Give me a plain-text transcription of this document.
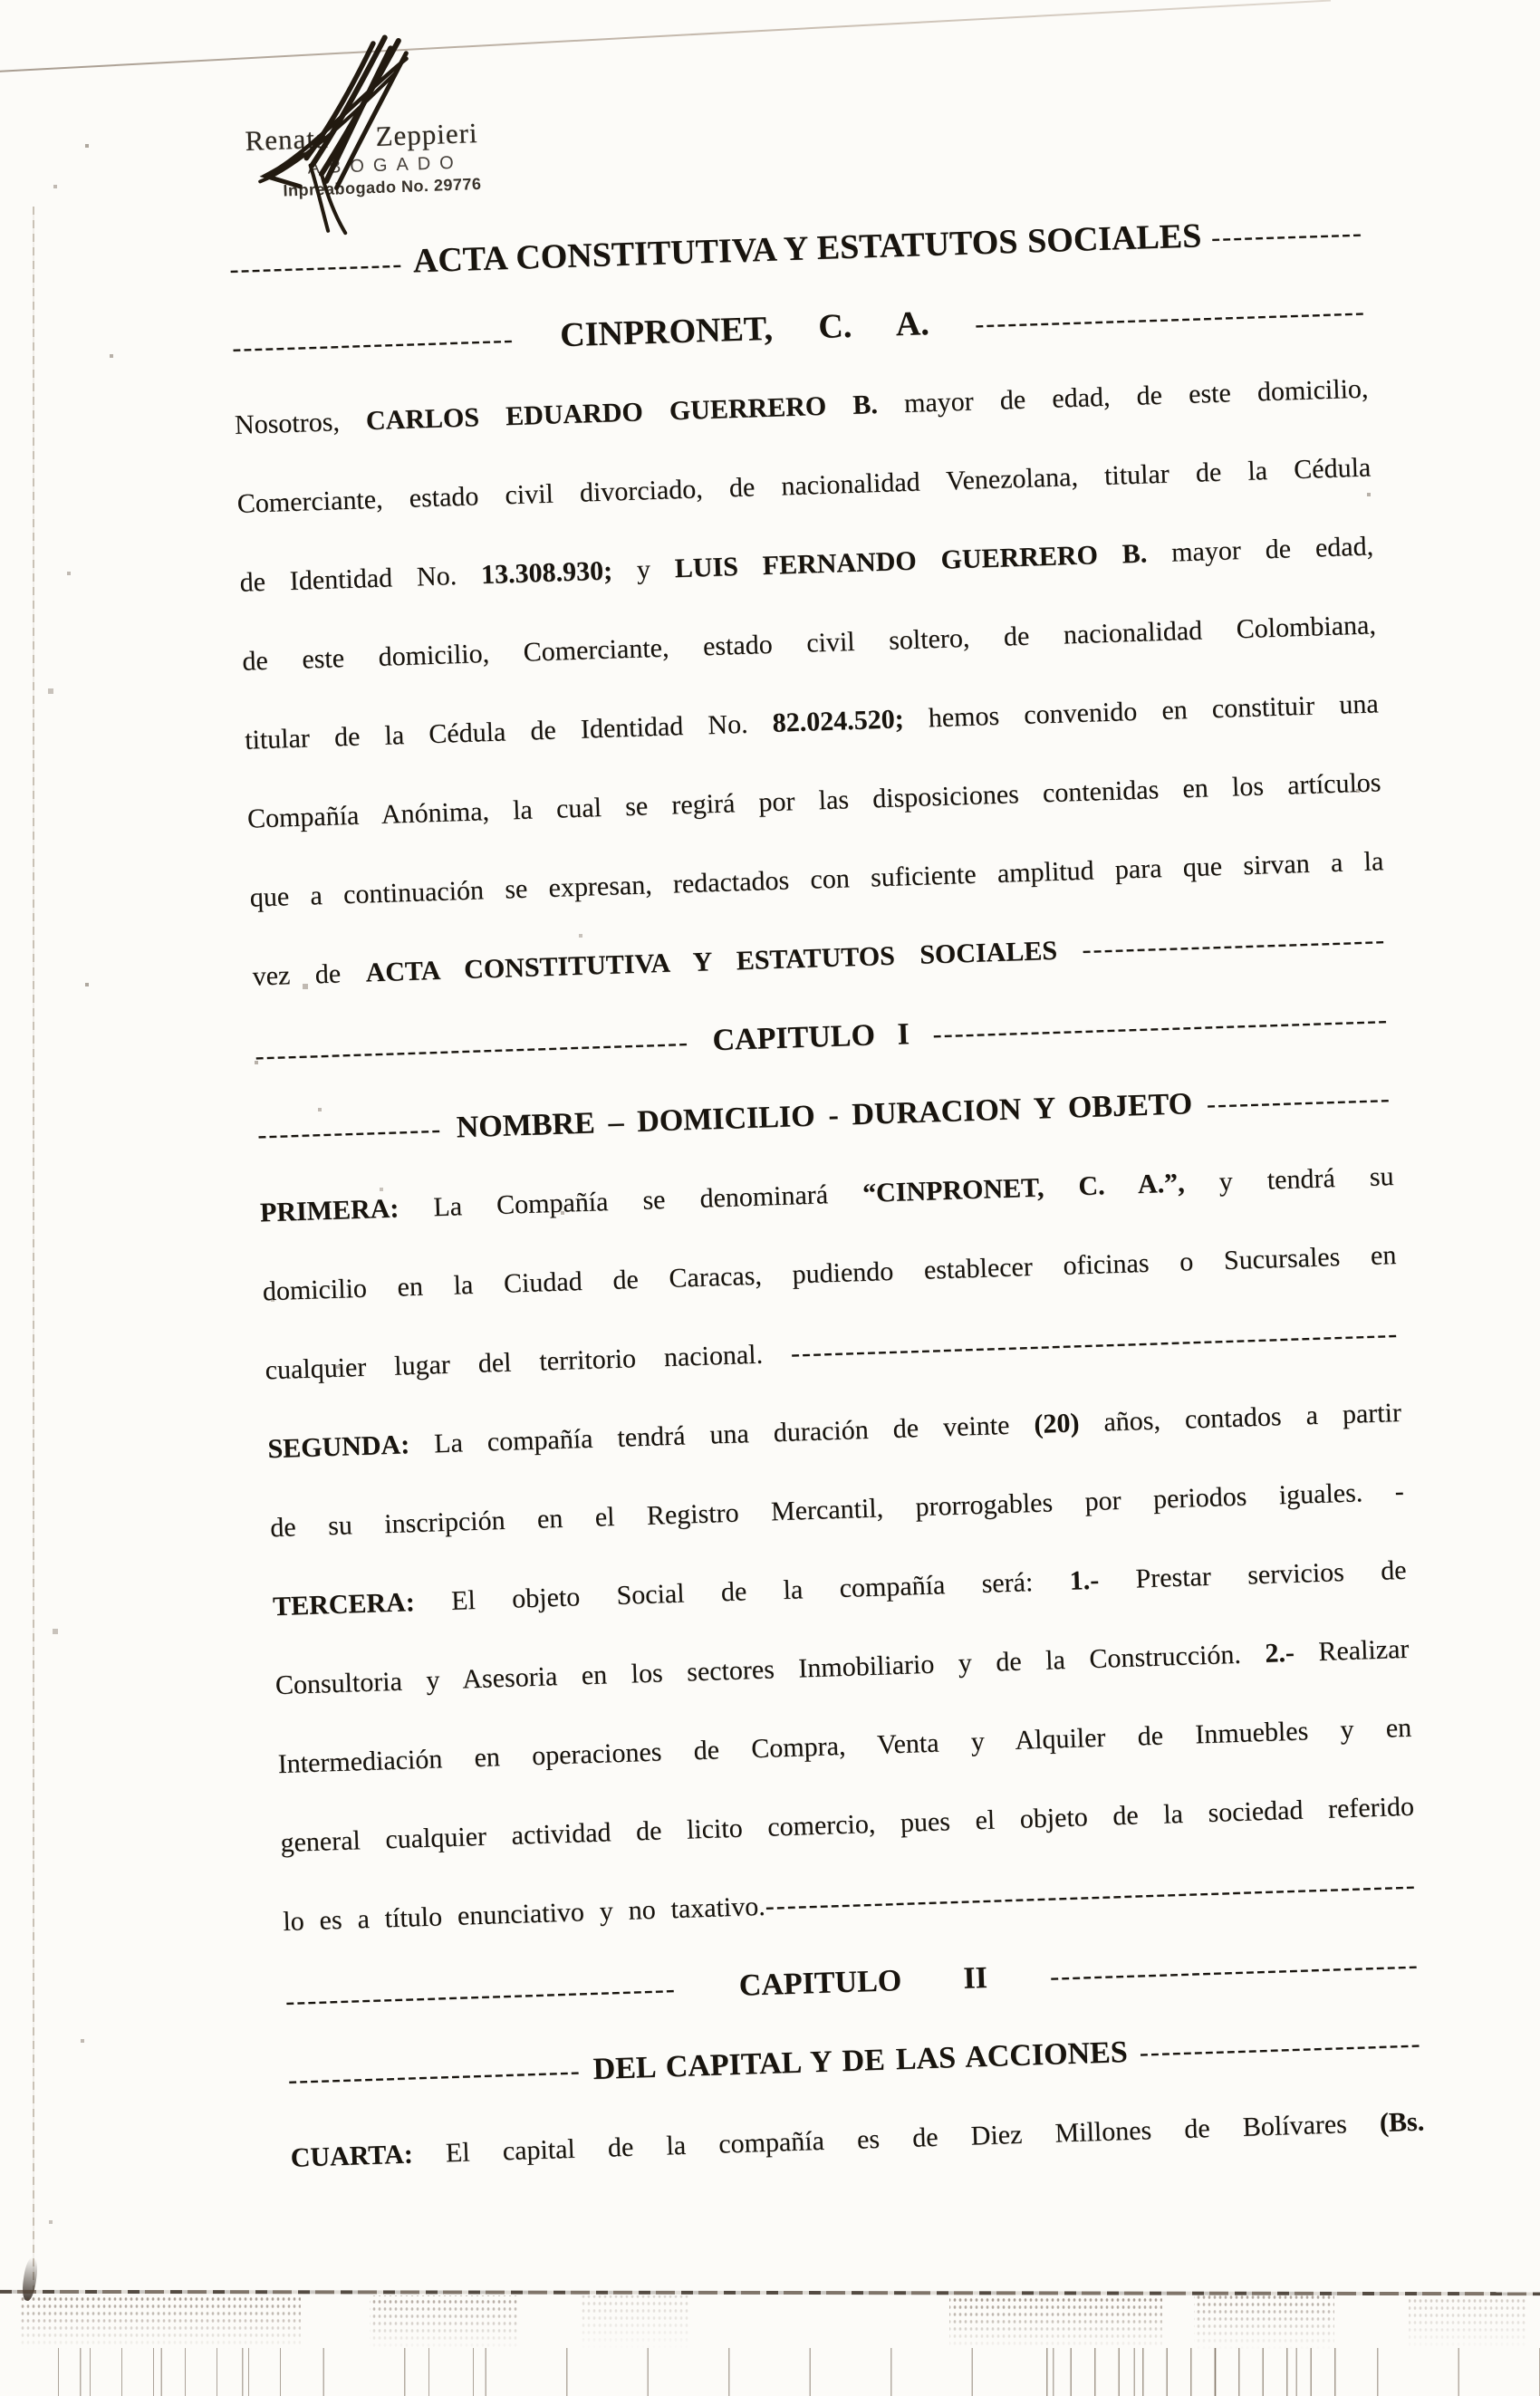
Renata Zeppieri
ABOGADO
Inpreabogado No. 29776
---------------- ACTA CONSTITUTIVA Y ESTATUTOS SOCIALES --------------
-------------------------- CINPRONET, C. A. ------------------------------------
Nosotros, CARLOS EDUARDO GUERRERO B. mayor de edad, de este domicilio,
Comerciante, estado civil divorciado, de nacionalidad Venezolana, titular de la Cédula
de Identidad No. 13.308.930; y LUIS FERNANDO GUERRERO B. mayor de edad,
de este domicilio, Comerciante, estado civil soltero, de nacionalidad Colombiana,
titular de la Cédula de Identidad No. 82.024.520; hemos convenido en constituir una
Compañía Anónima, la cual se regirá por las disposiciones contenidas en los artículos
que a continuación se expresan, redactados con suficiente amplitud para que sirvan a la
vez de ACTA CONSTITUTIVA Y ESTATUTOS SOCIALES ----------------------------
---------------------------------------- CAPITULO I ------------------------------------------
----------------- NOMBRE – DOMICILIO - DURACION Y OBJETO -----------------
PRIMERA: La Compañía se denominará “CINPRONET, C. A.”, y tendrá su
domicilio en la Ciudad de Caracas, pudiendo establecer oficinas o Sucursales en
cualquier lugar del territorio nacional. --------------------------------------------------------
SEGUNDA: La compañía tendrá una duración de veinte (20) años, contados a partir
de su inscripción en el Registro Mercantil, prorrogables por periodos iguales. -
TERCERA: El objeto Social de la compañía será: 1.- Prestar servicios de
Consultoria y Asesoria en los sectores Inmobiliario y de la Construcción. 2.- Realizar
Intermediación en operaciones de Compra, Venta y Alquiler de Inmuebles y en
general cualquier actividad de licito comercio, pues el objeto de la sociedad referido
lo es a título enunciativo y no taxativo.------------------------------------------------------------
------------------------------------ CAPITULO II ----------------------------------
--------------------------- DEL CAPITAL Y DE LAS ACCIONES --------------------------
CUARTA: El capital de la compañía es de Diez Millones de Bolívares (Bs.
